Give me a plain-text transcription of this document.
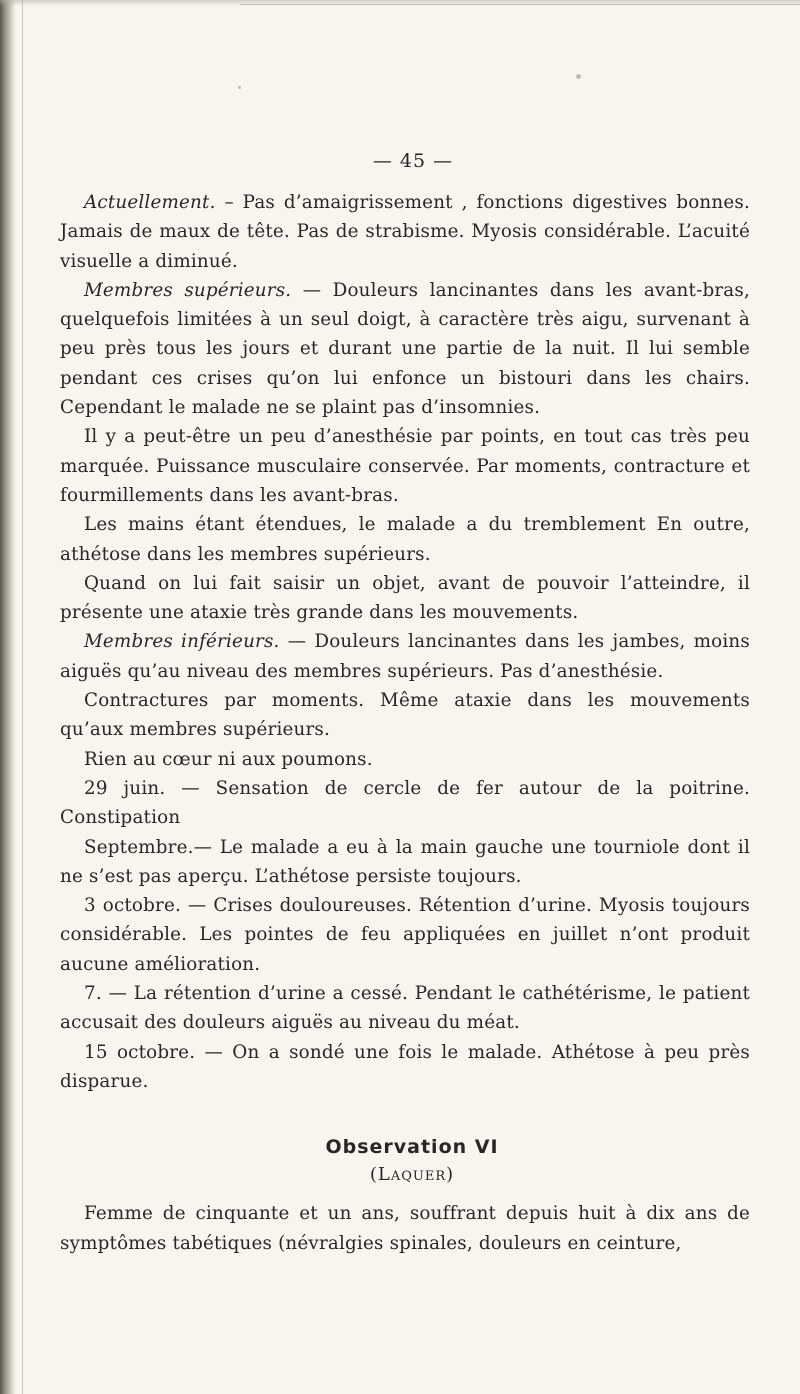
— 45 —

Actuellement. – Pas d’amaigrissement , fonctions digestives bonnes. Jamais de maux de tête. Pas de strabisme. Myosis considérable. L’acuité visuelle a diminué.

Membres supérieurs. — Douleurs lancinantes dans les avant-bras, quelquefois limitées à un seul doigt, à caractère très aigu, survenant à peu près tous les jours et durant une partie de la nuit. Il lui semble pendant ces crises qu’on lui enfonce un bistouri dans les chairs. Cependant le malade ne se plaint pas d’insomnies.

Il y a peut-être un peu d’anesthésie par points, en tout cas très peu marquée. Puissance musculaire conservée. Par moments, contracture et fourmillements dans les avant-bras.

Les mains étant étendues, le malade a du tremblement En outre, athétose dans les membres supérieurs.

Quand on lui fait saisir un objet, avant de pouvoir l’atteindre, il présente une ataxie très grande dans les mouvements.

Membres inférieurs. — Douleurs lancinantes dans les jambes, moins aiguës qu’au niveau des membres supérieurs. Pas d’anesthésie.

Contractures par moments. Même ataxie dans les mouvements qu’aux membres supérieurs.

Rien au cœur ni aux poumons.

29 juin. — Sensation de cercle de fer autour de la poitrine. Constipation

Septembre.— Le malade a eu à la main gauche une tourniole dont il ne s’est pas aperçu. L’athétose persiste toujours.

3 octobre. — Crises douloureuses. Rétention d’urine. Myosis toujours considérable. Les pointes de feu appliquées en juillet n’ont produit aucune amélioration.

7. — La rétention d’urine a cessé. Pendant le cathétérisme, le patient accusait des douleurs aiguës au niveau du méat.

15 octobre. — On a sondé une fois le malade. Athétose à peu près disparue.

Observation VI
(Laquer)

Femme de cinquante et un ans, souffrant depuis huit à dix ans de symptômes tabétiques (névralgies spinales, douleurs en ceinture,
